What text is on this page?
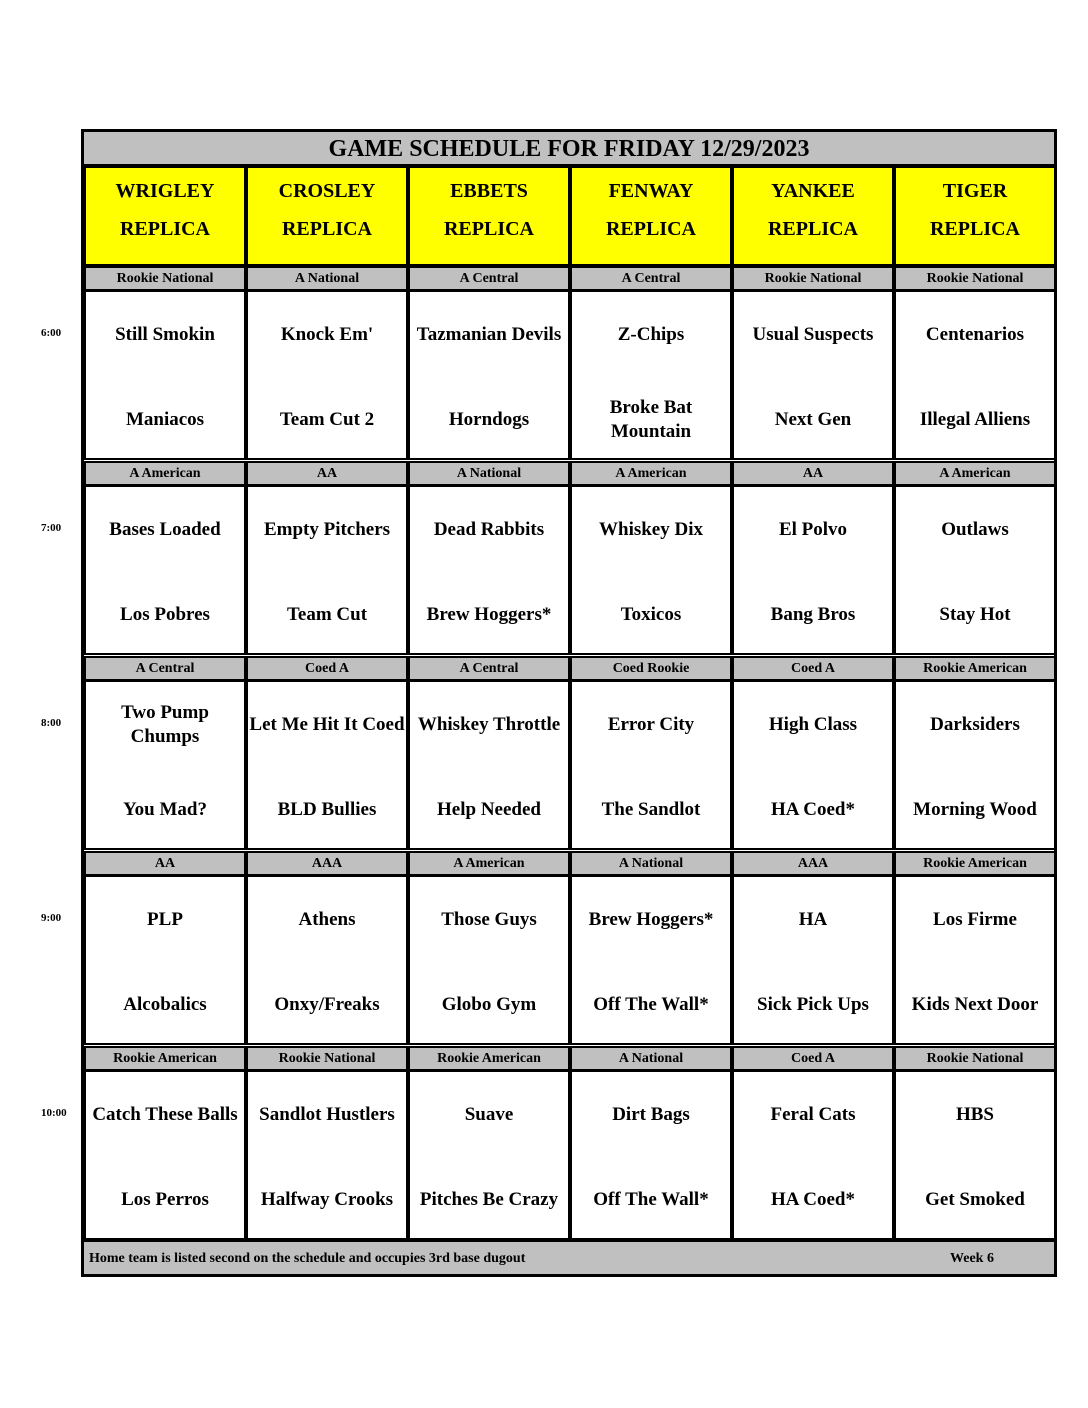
GAME SCHEDULE FOR FRIDAY 12/29/2023
WRIGLEY
REPLICA
CROSLEY
REPLICA
EBBETS
REPLICA
FENWAY
REPLICA
YANKEE
REPLICA
TIGER
REPLICA
6:00
Rookie National
Still Smokin
Maniacos
A National
Knock Em'
Team Cut 2
A Central
Tazmanian Devils
Horndogs
A Central
Z-Chips
Broke Bat Mountain
Rookie National
Usual Suspects
Next Gen
Rookie National
Centenarios
Illegal Alliens
7:00
A American
Bases Loaded
Los Pobres
AA
Empty Pitchers
Team Cut
A National
Dead Rabbits
Brew Hoggers*
A American
Whiskey Dix
Toxicos
AA
El Polvo
Bang Bros
A American
Outlaws
Stay Hot
8:00
A Central
Two Pump Chumps
You Mad?
Coed A
Let Me Hit It Coed
BLD Bullies
A Central
Whiskey Throttle
Help Needed
Coed Rookie
Error City
The Sandlot
Coed A
High Class
HA Coed*
Rookie American
Darksiders
Morning Wood
9:00
AA
PLP
Alcobalics
AAA
Athens
Onxy/Freaks
A American
Those Guys
Globo Gym
A National
Brew Hoggers*
Off The Wall*
AAA
HA
Sick Pick Ups
Rookie American
Los Firme
Kids Next Door
10:00
Rookie American
Catch These Balls
Los Perros
Rookie National
Sandlot Hustlers
Halfway Crooks
Rookie American
Suave
Pitches Be Crazy
A National
Dirt Bags
Off The Wall*
Coed A
Feral Cats
HA Coed*
Rookie National
HBS
Get Smoked
Home team is listed second on the schedule and occupies 3rd base dugout	Week 6
